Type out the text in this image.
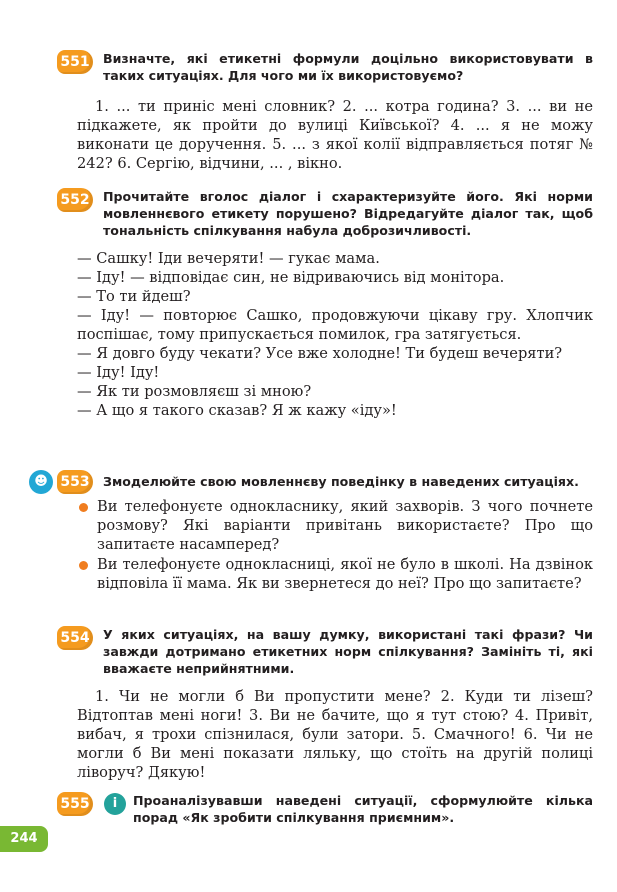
551 Визначте, які етикетні формули доцільно використовувати в таких ситуаціях. Для чого ми їх використовуємо?

1. ... ти приніс мені словник? 2. ... котра година? 3. ... ви не підкажете, як пройти до вулиці Київської? 4. ... я не можу виконати це доручення. 5. ... з якої колії відправляється потяг № 242? 6. Сергію, відчини, ... , вікно.

552 Прочитайте вголос діалог і схарактеризуйте його. Які норми мовленнєвого етикету порушено? Відредагуйте діалог так, щоб тональність спілкування набула доброзичливості.

— Сашку! Іди вечеряти! — гукає мама.

— Іду! — відповідає син, не відриваючись від монітора.

— То ти йдеш?

— Іду! — повторює Сашко, продовжуючи цікаву гру. Хлопчик поспішає, тому припускається помилок, гра затягується.

— Я довго буду чекати? Усе вже холодне! Ти будеш вечеряти?

— Іду! Іду!

— Як ти розмовляєш зі мною?

— А що я такого сказав? Я ж кажу «іду»!

☻ 553 Змоделюйте свою мовленнєву поведінку в наведених ситуаціях.
Ви телефонуєте однокласнику, який захворів. З чого почнете розмову? Які варіанти привітань використаєте? Про що запитаєте насамперед?
Ви телефонуєте однокласниці, якої не було в школі. На дзвінок відповіла її мама. Як ви звернетеся до неї? Про що запитаєте?
554 У яких ситуаціях, на вашу думку, використані такі фрази? Чи завжди дотримано етикетних норм спілкування? Замініть ті, які вважаєте неприйнятними.

1. Чи не могли б Ви пропустити мене? 2. Куди ти лізеш? Відтоптав мені ноги! 3. Ви не бачите, що я тут стою? 4. Привіт, вибач, я трохи спізнилася, були затори. 5. Смачного! 6. Чи не могли б Ви мені показати ляльку, що стоїть на другій полиці ліворуч? Дякую!

555	i	Проаналізувавши наведені ситуації, сформулюйте кілька порад «Як зробити спілкування приємним».
244
